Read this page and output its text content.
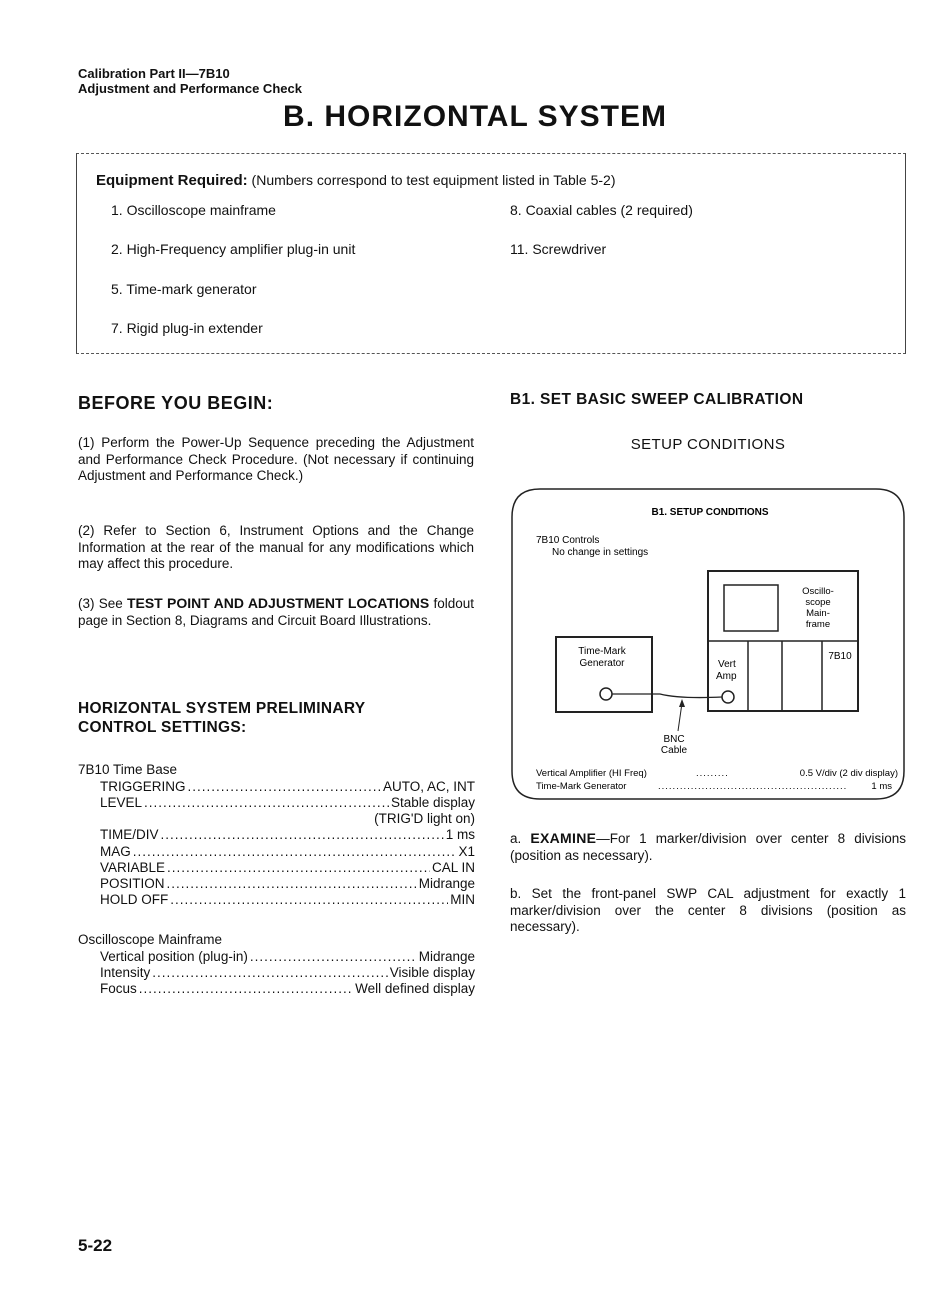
Calibration Part II—7B10
Adjustment and Performance Check
B. HORIZONTAL SYSTEM
Equipment Required: (Numbers correspond to test equipment listed in Table 5-2)
1. Oscilloscope mainframe
2. High-Frequency amplifier plug-in unit
5. Time-mark generator
7. Rigid plug-in extender
8. Coaxial cables (2 required)
11. Screwdriver
BEFORE YOU BEGIN:
(1) Perform the Power-Up Sequence preceding the Adjustment and Performance Check Procedure. (Not necessary if continuing Adjustment and Performance Check.)
(2) Refer to Section 6, Instrument Options and the Change Information at the rear of the manual for any modifications which may affect this procedure.
(3) See TEST POINT AND ADJUSTMENT LOCATIONS foldout page in Section 8, Diagrams and Circuit Board Illustrations.
HORIZONTAL SYSTEM PRELIMINARY
CONTROL SETTINGS:
7B10 Time Base
TRIGGERING .....	AUTO, AC, INT
LEVEL .....	Stable display
(TRIG'D light on)
TIME/DIV .....	1 ms
MAG .....	X1
VARIABLE .....	CAL IN
POSITION .....	Midrange
HOLD OFF .....	MIN
Oscilloscope Mainframe
Vertical position (plug-in) .....	Midrange
Intensity .....	Visible display
Focus .....	Well defined display
B1. SET BASIC SWEEP CALIBRATION
SETUP CONDITIONS
B1. SETUP CONDITIONS
7B10 Controls
No change in settings
Oscillo-
scope
Main-
frame
7B10
Vert
Amp
Time-Mark
Generator
BNC
Cable
Vertical Amplifier (HI Freq)	.........	0.5 V/div (2 div display)
Time-Mark Generator	....................................................	1 ms
a. EXAMINE—For 1 marker/division over center 8 divisions (position as necessary).
b. Set the front-panel SWP CAL adjustment for exactly 1 marker/division over the center 8 divisions (position as necessary).
5-22
